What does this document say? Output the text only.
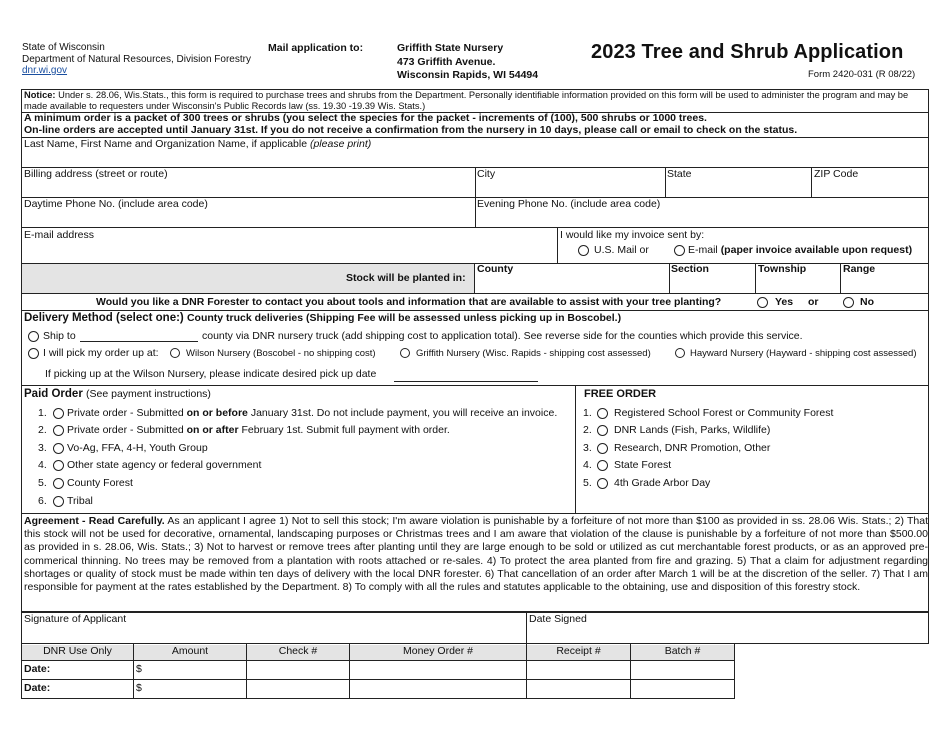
State of Wisconsin
Department of Natural Resources, Division Forestry
dnr.wi.gov
Mail application to:	Griffith State Nursery
473 Griffith Avenue.
Wisconsin Rapids, WI 54494
2023 Tree and Shrub Application
Form 2420-031 (R 08/22)
Notice: Under s. 28.06, Wis.Stats., this form is required to purchase trees and shrubs from the Department. Personally identifiable information provided on this form will be used to administer the program and may be made available to requesters under Wisconsin's Public Records law (ss. 19.30 -19.39 Wis. Stats.)
A minimum order is a packet of 300 trees or shrubs (you select the species for the packet - increments of (100), 500 shrubs or 1000 trees.
On-line orders are accepted until January 31st. If you do not receive a confirmation from the nursery in 10 days, please call or email to check on the status.
Last Name, First Name and Organization Name, if applicable (please print)
Billing address (street or route)	City	State	ZIP Code
Daytime Phone No. (include area code)	Evening Phone No. (include area code)
E-mail address	I would like my invoice sent by:
U.S. Mail or	E-mail (paper invoice available upon request)
Stock will be planted in:
County	Section	Township	Range
Would you like a DNR Forester to contact you about tools and information that are available to assist with your tree planting?	Yes or	No
Delivery Method (select one:) County truck deliveries (Shipping Fee will be assessed unless picking up in Boscobel.)
Ship to	county via DNR nursery truck (add shipping cost to application total). See reverse side for the counties which provide this service.
I will pick my order up at:	Wilson Nursery (Boscobel - no shipping cost)	Griffith Nursery (Wisc. Rapids - shipping cost assessed)	Hayward Nursery (Hayward - shipping cost assessed)
If picking up at the Wilson Nursery, please indicate desired pick up date
Paid Order (See payment instructions)
1. Private order - Submitted on or before January 31st. Do not include payment, you will receive an invoice.
2. Private order - Submitted on or after February 1st. Submit full payment with order.
3. Vo-Ag, FFA, 4-H, Youth Group
4. Other state agency or federal government
5. County Forest
6. Tribal
FREE ORDER
1. Registered School Forest or Community Forest
2. DNR Lands (Fish, Parks, Wildlife)
3. Research, DNR Promotion, Other
4. State Forest
5. 4th Grade Arbor Day
Agreement - Read Carefully. As an applicant I agree 1) Not to sell this stock; I'm aware violation is punishable by a forfeiture of not more than $100 as provided in ss. 28.06 Wis. Stats.; 2) That this stock will not be used for decorative, ornamental, landscaping purposes or Christmas trees and I am aware that violation of the clause is punishable by a forfeiture of not more than $500.00 as provided in s. 28.06, Wis. Stats.; 3) Not to harvest or remove trees after planting until they are large enough to be sold or utilized as cut merchantable forest products, or as an approved pre-commerical thinning. No trees may be removed from a plantation with roots attached or re-sales. 4) To protect the area planted from fire and grazing. 5) That a claim for adjustment regarding shortages or quality of stock must be made within ten days of delivery with the local DNR forester. 6) That cancellation of an order after March 1 will be at the discretion of the seller. 7) That I am responsible for payment at the rates established by the Department. 8) To comply with all the rules and statutes applicable to the obtaining, use and disposition of this forestry stock.
Signature of Applicant	Date Signed
DNR Use Only	Amount	Check #	Money Order #	Receipt #	Batch #
Date:	$
Date:	$
